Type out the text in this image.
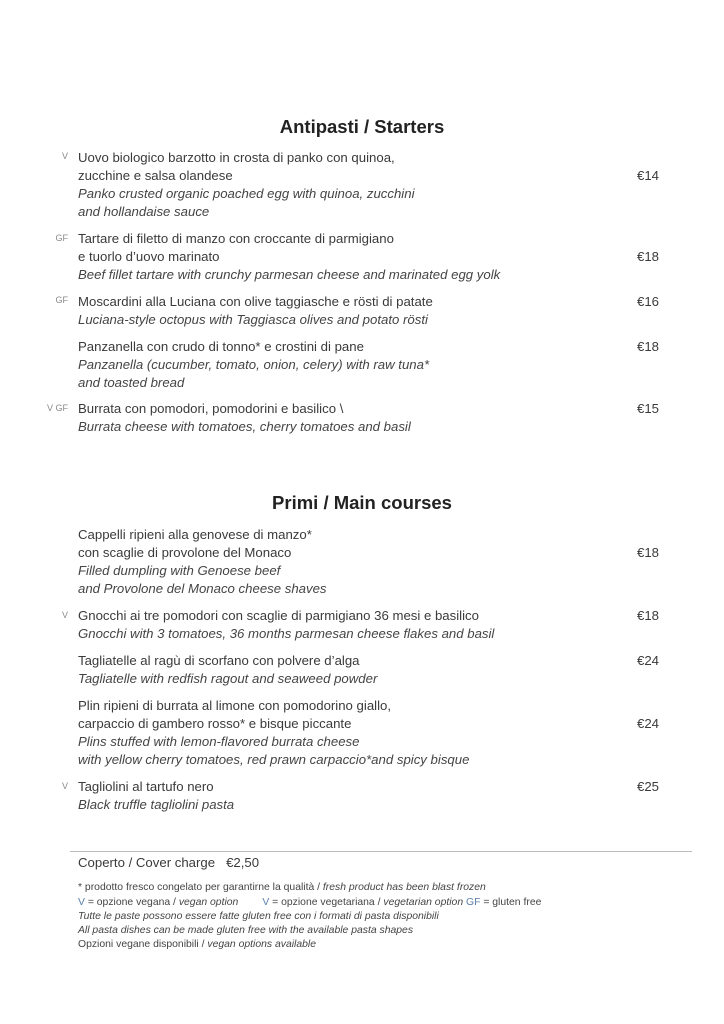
Antipasti / Starters
V Uovo biologico barzotto in crosta di panko con quinoa,
zucchine e salsa olandese
Panko crusted organic poached egg with quinoa, zucchini
and hollandaise sauce
€14
GF Tartare di filetto di manzo con croccante di parmigiano
e tuorlo d’uovo marinato
Beef fillet tartare with crunchy parmesan cheese and marinated egg yolk
€18
GF Moscardini alla Luciana con olive taggiasche e rösti di patate
Luciana-style octopus with Taggiasca olives and potato rösti
€16
Panzanella con crudo di tonno* e crostini di pane
Panzanella (cucumber, tomato, onion, celery) with raw tuna*
and toasted bread
€18
V GF Burrata con pomodori, pomodorini e basilico \
Burrata cheese with tomatoes, cherry tomatoes and basil
€15
Primi / Main courses
Cappelli ripieni alla genovese di manzo*
con scaglie di provolone del Monaco
Filled dumpling with Genoese beef
and Provolone del Monaco cheese shaves
€18
V Gnocchi ai tre pomodori con scaglie di parmigiano 36 mesi e basilico
Gnocchi with 3 tomatoes, 36 months parmesan cheese flakes and basil
€18
Tagliatelle al ragù di scorfano con polvere d’alga
Tagliatelle with redfish ragout and seaweed powder
€24
Plin ripieni di burrata al limone con pomodorino giallo,
carpaccio di gambero rosso* e bisque piccante
Plins stuffed with lemon-flavored burrata cheese
with yellow cherry tomatoes, red prawn carpaccio*and spicy bisque
€24
V Tagliolini al tartufo nero
Black truffle tagliolini pasta
€25
Coperto / Cover charge €2,50
* prodotto fresco congelato per garantirne la qualità / fresh product has been blast frozen
V = opzione vegana / vegan option V = opzione vegetariana / vegetarian option GF = gluten free
Tutte le paste possono essere fatte gluten free con i formati di pasta disponibili
All pasta dishes can be made gluten free with the available pasta shapes
Opzioni vegane disponibili / vegan options available
